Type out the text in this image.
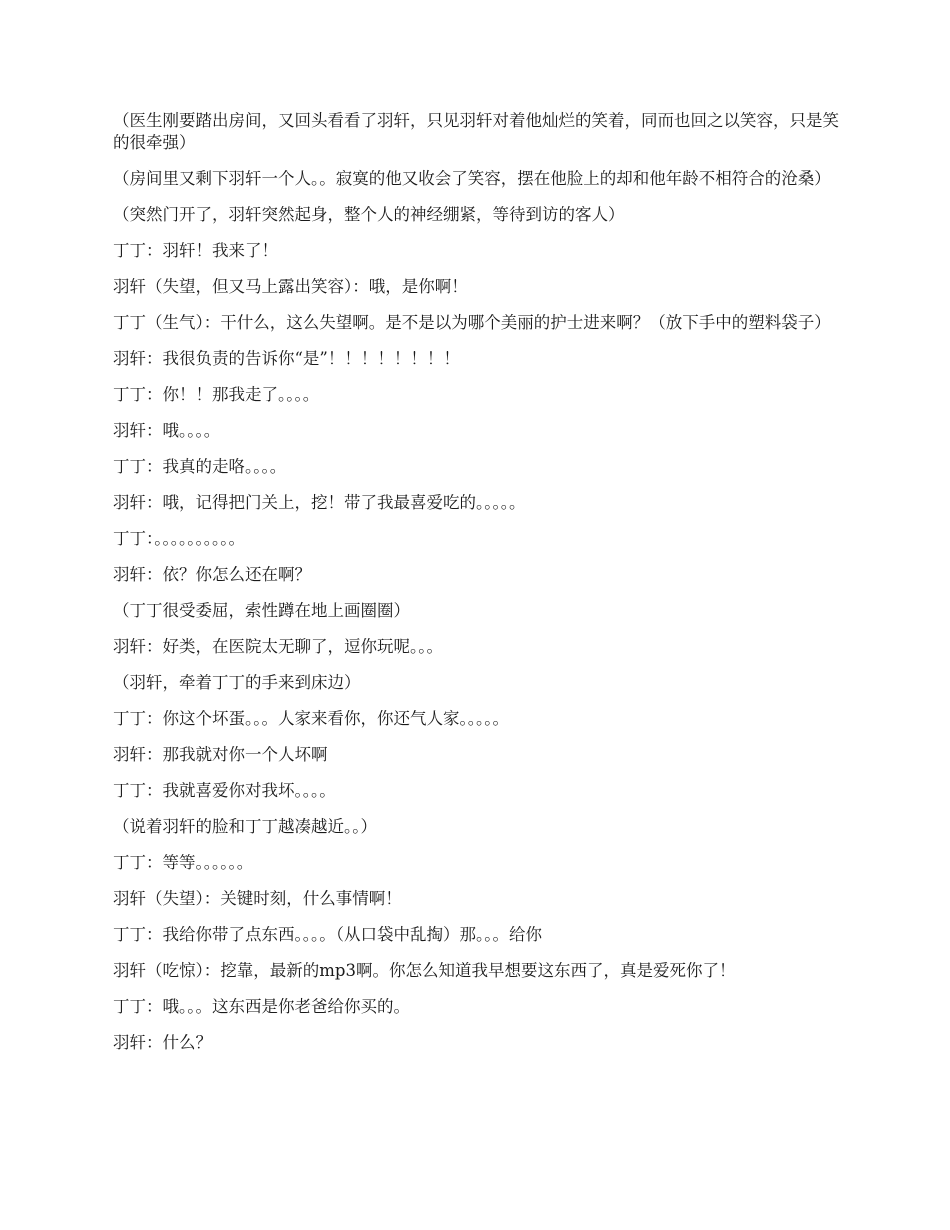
（医生刚要踏出房间，又回头看看了羽轩，只见羽轩对着他灿烂的笑着，同而也回之以笑容，只是笑的很牵强）

（房间里又剩下羽轩一个人。。寂寞的他又收会了笑容，摆在他脸上的却和他年龄不相符合的沧桑）

（突然门开了，羽轩突然起身，整个人的神经绷紧，等待到访的客人）

丁丁：羽轩！我来了！

羽轩（失望，但又马上露出笑容）：哦，是你啊！

丁丁（生气）：干什么，这么失望啊。是不是以为哪个美丽的护士进来啊？（放下手中的塑料袋子）

羽轩：我很负责的告诉你“是”！！！！！！！！

丁丁：你！！那我走了。。。。

羽轩：哦。。。。

丁丁：我真的走咯。。。。

羽轩：哦，记得把门关上，挖！带了我最喜爱吃的。。。。。

丁丁：。。。。。。。。。。

羽轩：依？你怎么还在啊？

（丁丁很受委屈，索性蹲在地上画圈圈）

羽轩：好类，在医院太无聊了，逗你玩呢。。。

（羽轩，牵着丁丁的手来到床边）

丁丁：你这个坏蛋。。。人家来看你，你还气人家。。。。。

羽轩：那我就对你一个人坏啊

丁丁：我就喜爱你对我坏。。。。

（说着羽轩的脸和丁丁越凑越近。。）

丁丁：等等。。。。。。

羽轩（失望）：关键时刻，什么事情啊！

丁丁：我给你带了点东西。。。。（从口袋中乱掏）那。。。给你

羽轩（吃惊）：挖靠，最新的mp3啊。你怎么知道我早想要这东西了，真是爱死你了！

丁丁：哦。。。这东西是你老爸给你买的。

羽轩：什么？
